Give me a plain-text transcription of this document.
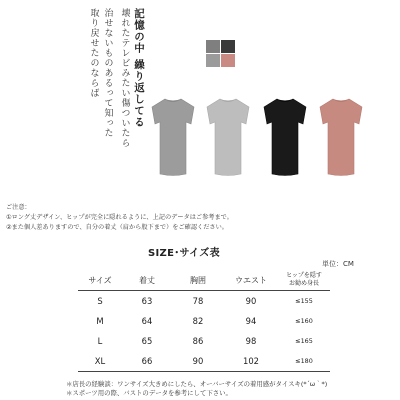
記憶の中 繰り返してる
壊れたテレビみたい傷ついたら
治せないものあるって知った
取り戻せたのならば
ご注意：
①ロング丈デザイン、ヒップが完全に隠れるように、上記のデータはご参考まで。
②また個人差ありますので、自分の着丈（肩から股下まで）をご確認ください。
SIZE･サイズ表
単位：CM
サイズ	着丈	胸囲	ウエスト	ヒップを隠す
お勧め身長
S	63	78	90	≤155
M	64	82	94	≤160
L	65	86	98	≤165
XL	66	90	102	≤180
＊店長の経験談：ワンサイズ大きめにしたら、オーバーサイズの着用感がタイスキ(*´ω｀*)
＊スポーツ用の際、バストのデータを参考にして下さい。
